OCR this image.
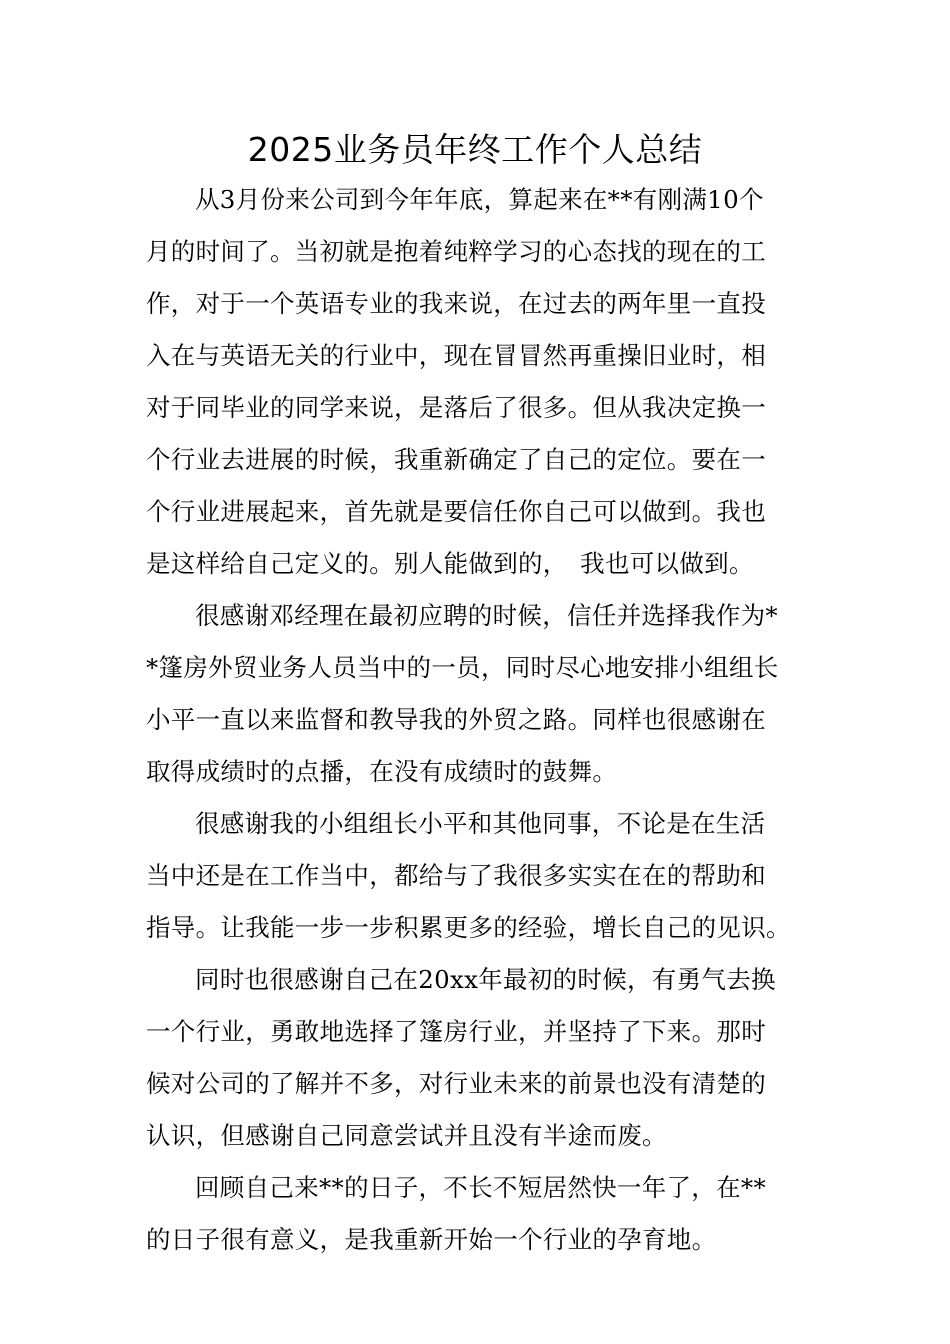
2025业务员年终工作个人总结
从3月份来公司到今年年底，算起来在**有刚满10个
月的时间了。当初就是抱着纯粹学习的心态找的现在的工
作，对于一个英语专业的我来说，在过去的两年里一直投
入在与英语无关的行业中，现在冒冒然再重操旧业时，相
对于同毕业的同学来说，是落后了很多。但从我决定换一
个行业去进展的时候，我重新确定了自己的定位。要在一
个行业进展起来，首先就是要信任你自己可以做到。我也
是这样给自己定义的。别人能做到的，　我也可以做到。
很感谢邓经理在最初应聘的时候，信任并选择我作为*
*篷房外贸业务人员当中的一员，同时尽心地安排小组组长
小平一直以来监督和教导我的外贸之路。同样也很感谢在
取得成绩时的点播，在没有成绩时的鼓舞。
很感谢我的小组组长小平和其他同事，不论是在生活
当中还是在工作当中，都给与了我很多实实在在的帮助和
指导。让我能一步一步积累更多的经验，增长自己的见识。
同时也很感谢自己在20xx年最初的时候，有勇气去换
一个行业，勇敢地选择了篷房行业，并坚持了下来。那时
候对公司的了解并不多，对行业未来的前景也没有清楚的
认识，但感谢自己同意尝试并且没有半途而废。
回顾自己来**的日子，不长不短居然快一年了，在**
的日子很有意义，是我重新开始一个行业的孕育地。
